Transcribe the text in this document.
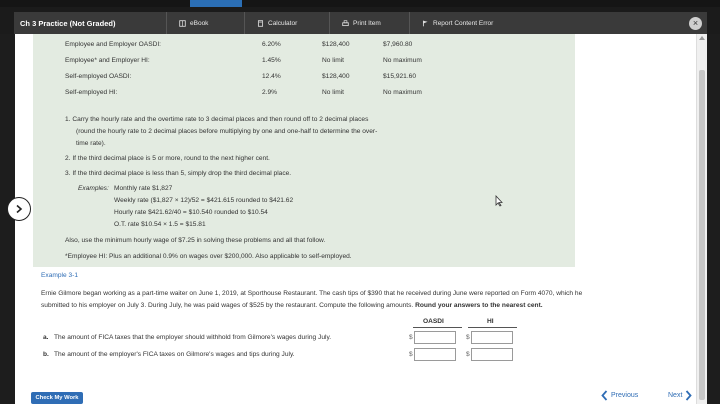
Ch 3 Practice (Not Graded)	eBook	Calculator	Print Item	Report Content Error	×
Employee and Employer OASDI:	6.20%	$128,400	$7,960.80
Employee* and Employer HI:	1.45%	No limit	No maximum
Self-employed OASDI:	12.4%	$128,400	$15,921.60
Self-employed HI:	2.9%	No limit	No maximum
1. Carry the hourly rate and the overtime rate to 3 decimal places and then round off to 2 decimal places
(round the hourly rate to 2 decimal places before multiplying by one and one-half to determine the over-
time rate).
2. If the third decimal place is 5 or more, round to the next higher cent.
3. If the third decimal place is less than 5, simply drop the third decimal place.
Examples: Monthly rate $1,827
Weekly rate ($1,827 × 12)/52 = $421.615 rounded to $421.62
Hourly rate $421.62/40 = $10.540 rounded to $10.54
O.T. rate $10.54 × 1.5 = $15.81
Also, use the minimum hourly wage of $7.25 in solving these problems and all that follow.
*Employee HI: Plus an additional 0.9% on wages over $200,000. Also applicable to self-employed.
Example 3-1
Ernie Gilmore began working as a part-time waiter on June 1, 2019, at Sporthouse Restaurant. The cash tips of $390 that he received during June were reported on Form 4070, which he
submitted to his employer on July 3. During July, he was paid wages of $525 by the restaurant. Compute the following amounts. Round your answers to the nearest cent.
OASDI	HI
a. The amount of FICA taxes that the employer should withhold from Gilmore's wages during July.	$	$
b. The amount of the employer's FICA taxes on Gilmore's wages and tips during July.	$	$
Check My Work	Previous	Next
